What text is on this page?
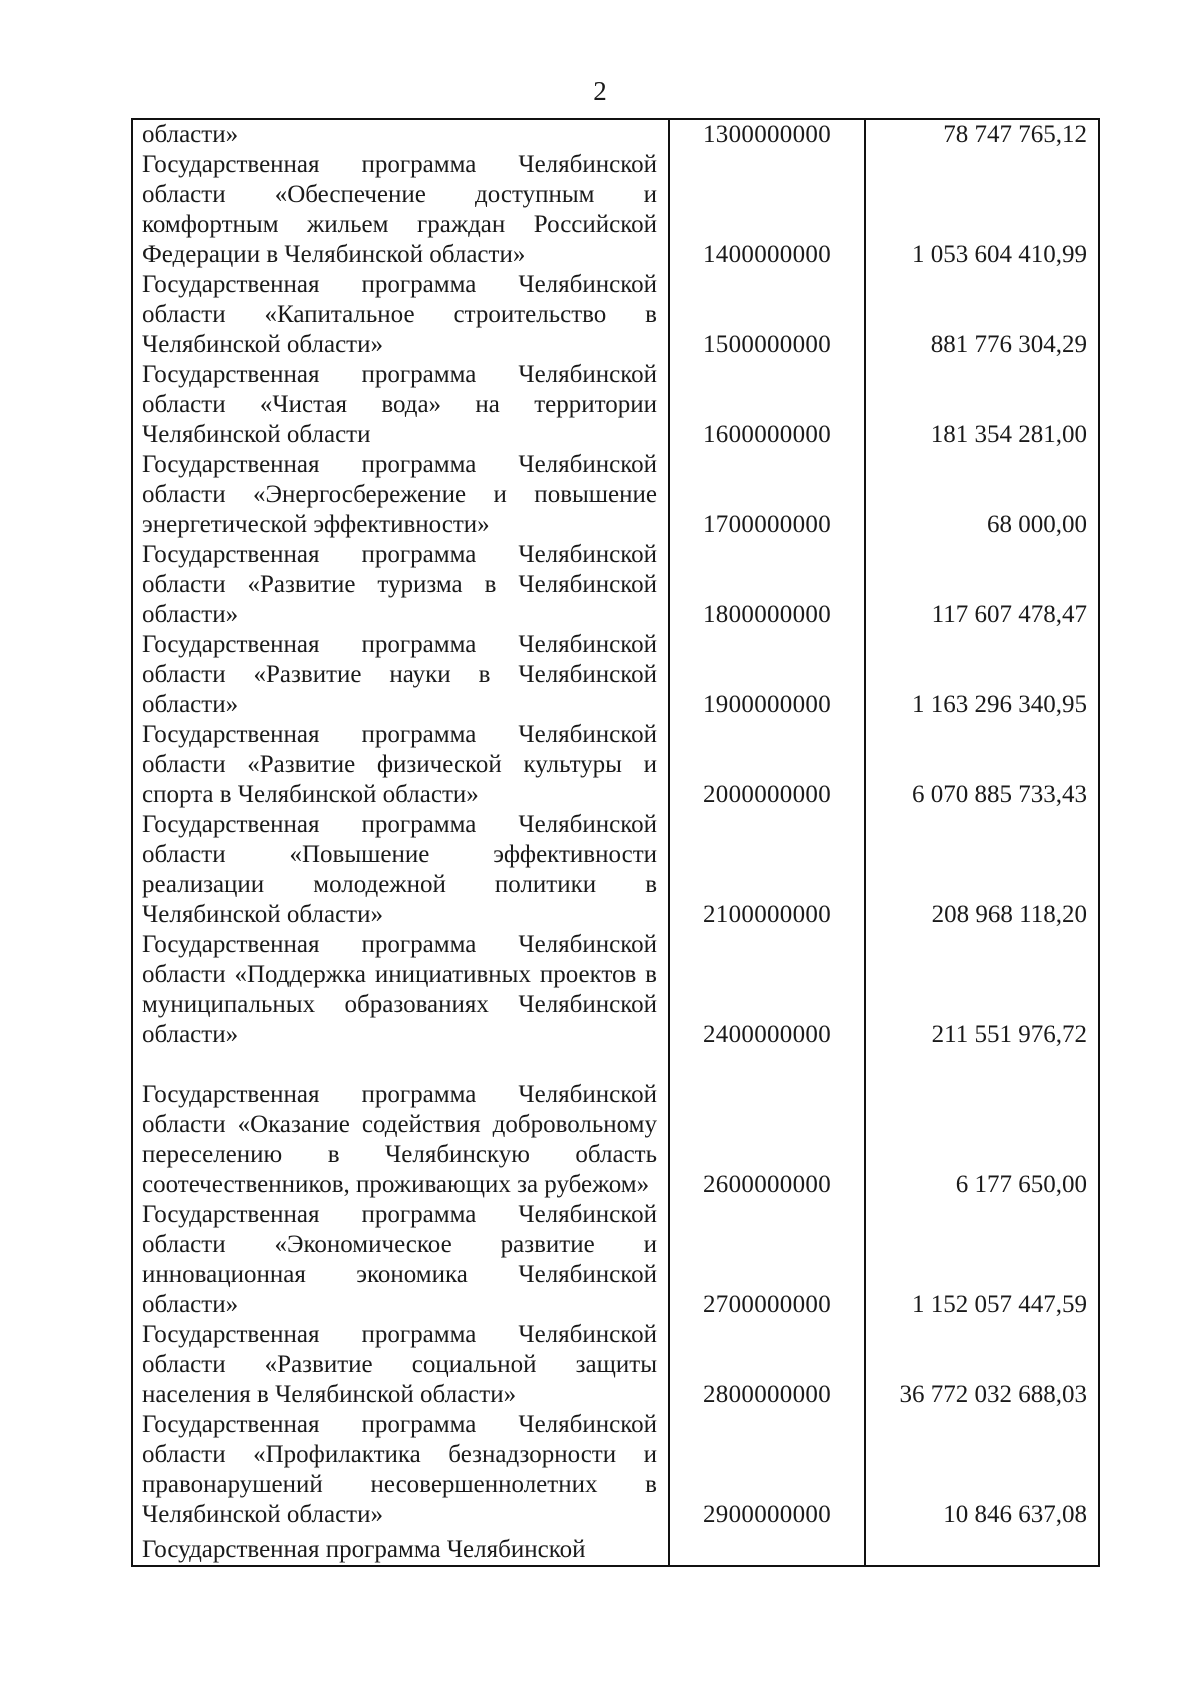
2
области»	1300000000	78 747 765,12
Государственная программа Челябинской области «Обеспечение доступным и комфортным жильем граждан Российской Федерации в Челябинской области»	1400000000	1 053 604 410,99
Государственная программа Челябинской области «Капитальное строительство в Челябинской области»	1500000000	881 776 304,29
Государственная программа Челябинской области «Чистая вода» на территории Челябинской области	1600000000	181 354 281,00
Государственная программа Челябинской области «Энергосбережение и повышение энергетической эффективности»	1700000000	68 000,00
Государственная программа Челябинской области «Развитие туризма в Челябинской области»	1800000000	117 607 478,47
Государственная программа Челябинской области «Развитие науки в Челябинской области»	1900000000	1 163 296 340,95
Государственная программа Челябинской области «Развитие физической культуры и спорта в Челябинской области»	2000000000	6 070 885 733,43
Государственная программа Челябинской области «Повышение эффективности реализации молодежной политики в Челябинской области»	2100000000	208 968 118,20
Государственная программа Челябинской области «Поддержка инициативных проектов в муниципальных образованиях Челябинской области»	2400000000	211 551 976,72
Государственная программа Челябинской области «Оказание содействия добровольному переселению в Челябинскую область соотечественников, проживающих за рубежом»	2600000000	6 177 650,00
Государственная программа Челябинской области «Экономическое развитие и инновационная экономика Челябинской области»	2700000000	1 152 057 447,59
Государственная программа Челябинской области «Развитие социальной защиты населения в Челябинской области»	2800000000	36 772 032 688,03
Государственная программа Челябинской области «Профилактика безнадзорности и правонарушений несовершеннолетних в Челябинской области»	2900000000	10 846 637,08
Государственная программа Челябинской		
